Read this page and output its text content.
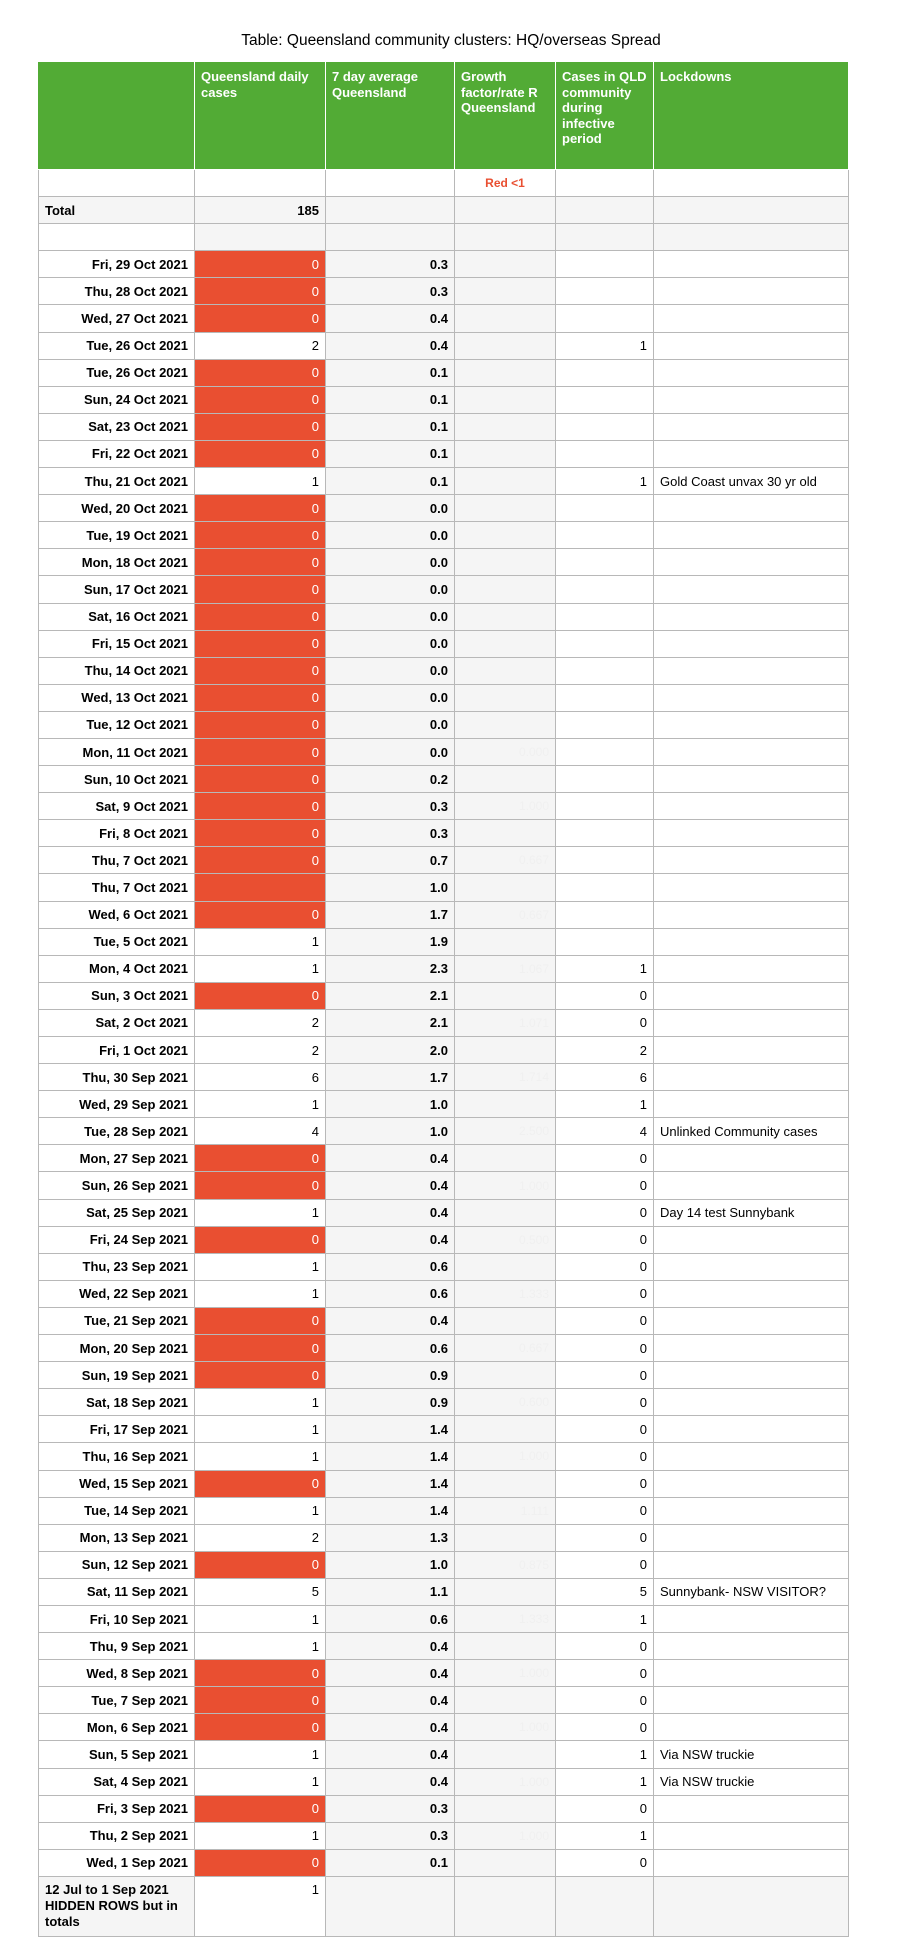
Table: Queensland community clusters: HQ/overseas Spread
	Queensland daily cases	7 day average Queensland	Growth factor/rate R Queensland	Cases in QLD community during infective period	Lockdowns
			Red <1		
Total	185				

Fri, 29 Oct 2021	0	0.3			
Thu, 28 Oct 2021	0	0.3			
Wed, 27 Oct 2021	0	0.4			
Tue, 26 Oct 2021	2	0.4		1	
Tue, 26 Oct 2021	0	0.1			
Sun, 24 Oct 2021	0	0.1			
Sat, 23 Oct 2021	0	0.1			
Fri, 22 Oct 2021	0	0.1			
Thu, 21 Oct 2021	1	0.1		1	Gold Coast unvax 30 yr old
Wed, 20 Oct 2021	0	0.0			
Tue, 19 Oct 2021	0	0.0			
Mon, 18 Oct 2021	0	0.0			
Sun, 17 Oct 2021	0	0.0			
Sat, 16 Oct 2021	0	0.0			
Fri, 15 Oct 2021	0	0.0			
Thu, 14 Oct 2021	0	0.0			
Wed, 13 Oct 2021	0	0.0			
Tue, 12 Oct 2021	0	0.0			
Mon, 11 Oct 2021	0	0.0	0.000		
Sun, 10 Oct 2021	0	0.2			
Sat, 9 Oct 2021	0	0.3	1.000		
Fri, 8 Oct 2021	0	0.3			
Thu, 7 Oct 2021	0	0.7	0.667		
Thu, 7 Oct 2021		1.0			
Wed, 6 Oct 2021	0	1.7	0.667		
Tue, 5 Oct 2021	1	1.9			
Mon, 4 Oct 2021	1	2.3	1.067	1	
Sun, 3 Oct 2021	0	2.1		0	
Sat, 2 Oct 2021	2	2.1	1.071	0	
Fri, 1 Oct 2021	2	2.0		2	
Thu, 30 Sep 2021	6	1.7	1.714	6	
Wed, 29 Sep 2021	1	1.0		1	
Tue, 28 Sep 2021	4	1.0	2.500	4	Unlinked Community cases
Mon, 27 Sep 2021	0	0.4		0	
Sun, 26 Sep 2021	0	0.4	1.000	0	
Sat, 25 Sep 2021	1	0.4		0	Day 14 test Sunnybank
Fri, 24 Sep 2021	0	0.4	0.500	0	
Thu, 23 Sep 2021	1	0.6		0	
Wed, 22 Sep 2021	1	0.6	1.333	0	
Tue, 21 Sep 2021	0	0.4		0	
Mon, 20 Sep 2021	0	0.6	0.667	0	
Sun, 19 Sep 2021	0	0.9		0	
Sat, 18 Sep 2021	1	0.9	0.600	0	
Fri, 17 Sep 2021	1	1.4		0	
Thu, 16 Sep 2021	1	1.4	1.000	0	
Wed, 15 Sep 2021	0	1.4		0	
Tue, 14 Sep 2021	1	1.4	1.111	0	
Mon, 13 Sep 2021	2	1.3		0	
Sun, 12 Sep 2021	0	1.0	0.875	0	
Sat, 11 Sep 2021	5	1.1		5	Sunnybank- NSW VISITOR?
Fri, 10 Sep 2021	1	0.6	1.333	1	
Thu, 9 Sep 2021	1	0.4		0	
Wed, 8 Sep 2021	0	0.4	1.000	0	
Tue, 7 Sep 2021	0	0.4		0	
Mon, 6 Sep 2021	0	0.4	1.000	0	
Sun, 5 Sep 2021	1	0.4		1	Via NSW truckie
Sat, 4 Sep 2021	1	0.4	1.000	1	Via NSW truckie
Fri, 3 Sep 2021	0	0.3		0	
Thu, 2 Sep 2021	1	0.3	1.000	1	
Wed, 1 Sep 2021	0	0.1		0	
12 Jul to 1 Sep 2021 HIDDEN ROWS but in totals	1				
